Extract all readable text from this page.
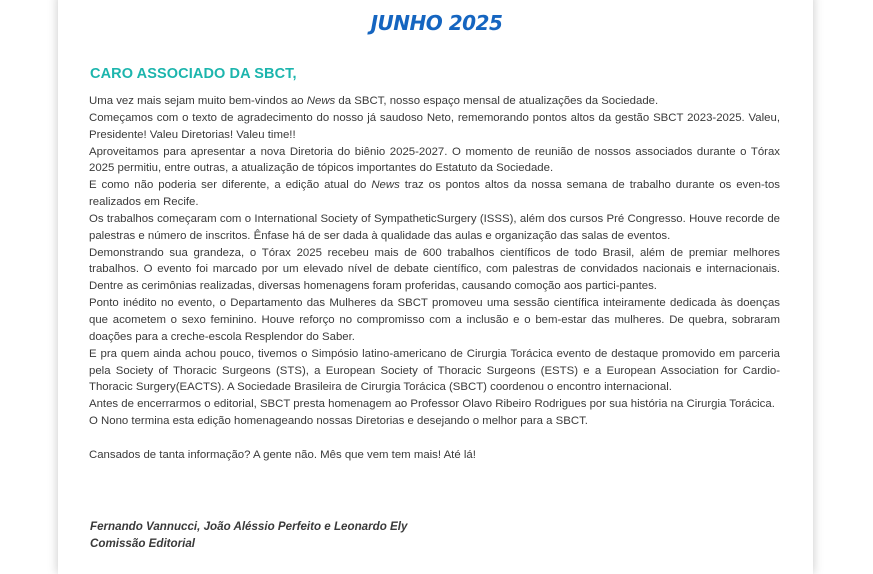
JUNHO 2025
CARO ASSOCIADO DA SBCT,

Uma vez mais sejam muito bem-vindos ao News da SBCT, nosso espaço mensal de atualizações da Sociedade.

Começamos com o texto de agradecimento do nosso já saudoso Neto, rememorando pontos altos da gestão SBCT 2023-2025. Valeu, Presidente! Valeu Diretorias! Valeu time!!

Aproveitamos para apresentar a nova Diretoria do biênio 2025-2027. O momento de reunião de nossos associados durante o Tórax 2025 permitiu, entre outras, a atualização de tópicos importantes do Estatuto da Sociedade.

E como não poderia ser diferente, a edição atual do News traz os pontos altos da nossa semana de trabalho durante os even-tos realizados em Recife.

Os trabalhos começaram com o International Society of SympatheticSurgery (ISSS), além dos cursos Pré Congresso. Houve recorde de palestras e número de inscritos. Ênfase há de ser dada à qualidade das aulas e organização das salas de eventos.

Demonstrando sua grandeza, o Tórax 2025 recebeu mais de 600 trabalhos científicos de todo Brasil, além de premiar melhores trabalhos. O evento foi marcado por um elevado nível de debate científico, com palestras de convidados nacionais e internacionais. Dentre as cerimônias realizadas, diversas homenagens foram proferidas, causando comoção aos partici-pantes.

Ponto inédito no evento, o Departamento das Mulheres da SBCT promoveu uma sessão científica inteiramente dedicada às doenças que acometem o sexo feminino. Houve reforço no compromisso com a inclusão e o bem-estar das mulheres. De quebra, sobraram doações para a creche-escola Resplendor do Saber.

E pra quem ainda achou pouco, tivemos o Simpósio latino-americano de Cirurgia Torácica evento de destaque promovido em parceria pela Society of Thoracic Surgeons (STS), a European Society of Thoracic Surgeons (ESTS) e a European Association for Cardio-Thoracic Surgery(EACTS). A Sociedade Brasileira de Cirurgia Torácica (SBCT) coordenou o encontro internacional.

Antes de encerrarmos o editorial, SBCT presta homenagem ao Professor Olavo Ribeiro Rodrigues por sua história na Cirurgia Torácica.

O Nono termina esta edição homenageando nossas Diretorias e desejando o melhor para a SBCT.

Cansados de tanta informação? A gente não. Mês que vem tem mais! Até lá!

Fernando Vannucci, João Aléssio Perfeito e Leonardo Ely
Comissão Editorial
